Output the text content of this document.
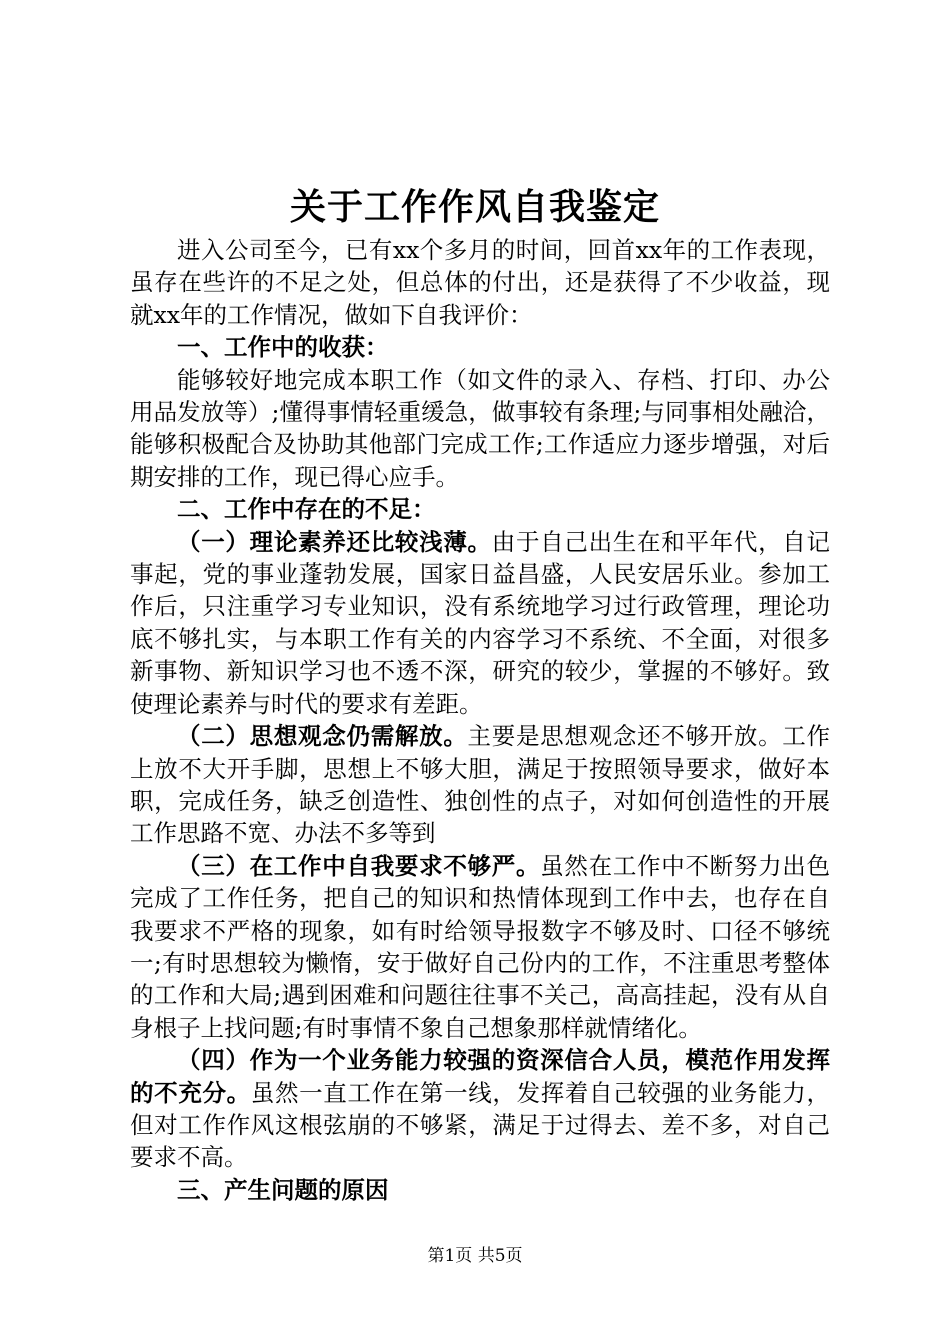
关于工作作风自我鉴定

进入公司至今，已有xx个多月的时间，回首xx年的工作表现，虽存在些许的不足之处，但总体的付出，还是获得了不少收益，现就xx年的工作情况，做如下自我评价：

一、工作中的收获：

能够较好地完成本职工作（如文件的录入、存档、打印、办公用品发放等）;懂得事情轻重缓急，做事较有条理;与同事相处融洽，能够积极配合及协助其他部门完成工作;工作适应力逐步增强，对后期安排的工作，现已得心应手。

二、工作中存在的不足：

（一）理论素养还比较浅薄。由于自己出生在和平年代，自记事起，党的事业蓬勃发展，国家日益昌盛，人民安居乐业。参加工作后，只注重学习专业知识，没有系统地学习过行政管理，理论功底不够扎实，与本职工作有关的内容学习不系统、不全面，对很多新事物、新知识学习也不透不深，研究的较少，掌握的不够好。致使理论素养与时代的要求有差距。

（二）思想观念仍需解放。主要是思想观念还不够开放。工作上放不大开手脚，思想上不够大胆，满足于按照领导要求，做好本职，完成任务，缺乏创造性、独创性的点子，对如何创造性的开展工作思路不宽、办法不多等到

（三）在工作中自我要求不够严。虽然在工作中不断努力出色完成了工作任务，把自己的知识和热情体现到工作中去，也存在自我要求不严格的现象，如有时给领导报数字不够及时、口径不够统一;有时思想较为懒惰，安于做好自己份内的工作，不注重思考整体的工作和大局;遇到困难和问题往往事不关己，高高挂起，没有从自身根子上找问题;有时事情不象自己想象那样就情绪化。

（四）作为一个业务能力较强的资深信合人员，模范作用发挥的不充分。虽然一直工作在第一线，发挥着自己较强的业务能力，但对工作作风这根弦崩的不够紧，满足于过得去、差不多，对自己要求不高。

三、产生问题的原因

第1页 共5页
